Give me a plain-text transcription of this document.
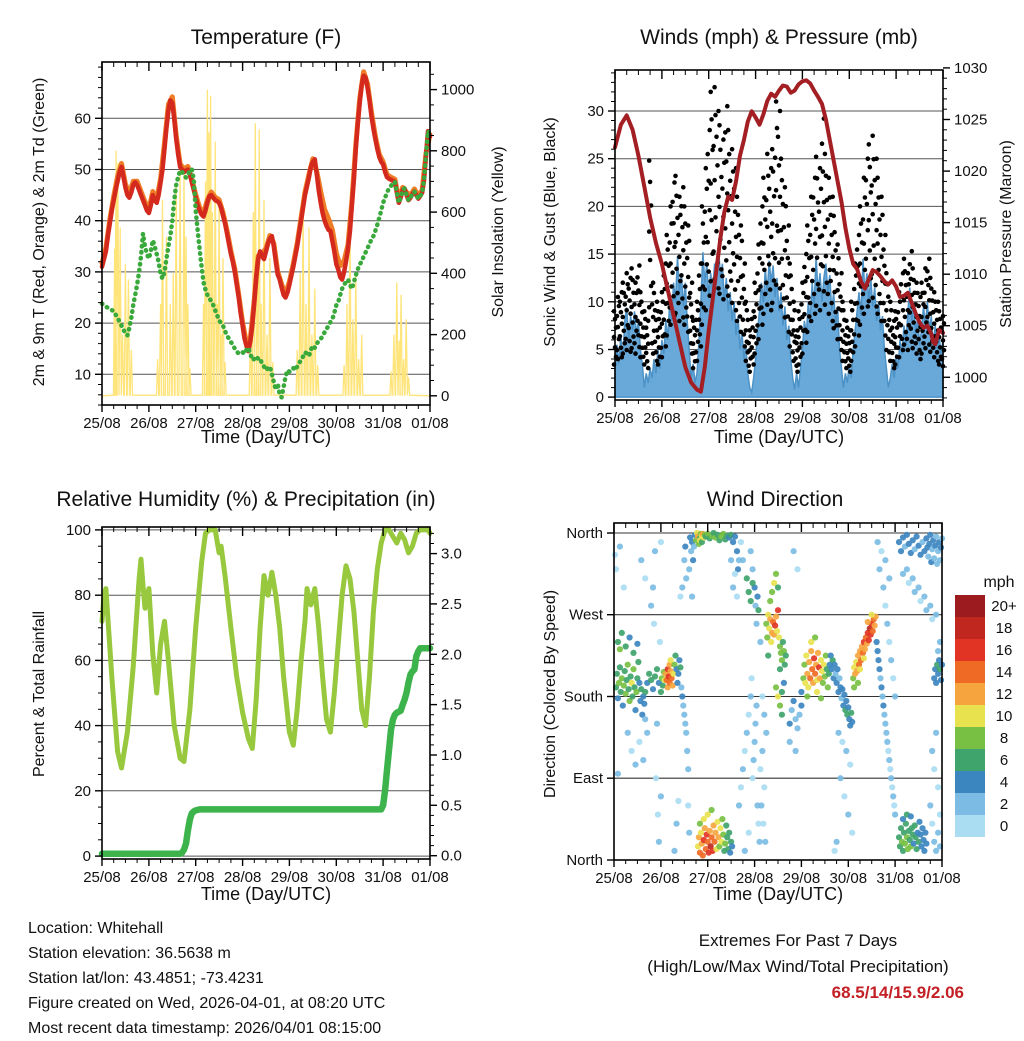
25/08 26/08 27/08 28/08 29/08 30/08 31/08 01/08
10
20
30
40
50
60
0
200
400
600
800
1000
25/08 26/08 27/08 28/08 29/08 30/08 31/08 01/08
0
5
10
15
20
25
30
1000
1005
1010
1015
1020
1025
1030
25/08 26/08 27/08 28/08 29/08 30/08 31/08 01/08
0
20
40
60
80
100
0.0
0.5
1.0
1.5
2.0
2.5
3.0
25/08 26/08 27/08 28/08 29/08 30/08 31/08 01/08
North
West
South
East
North
20+
18
16
14
12
10
8
6
4
2
0
mph
Temperature (F)	Winds (mph) & Pressure (mb)
Relative Humidity (%) & Precipitation (in)	Wind Direction
2m & 9m T (Red, Orange) & 2m Td (Green)	Solar Insolation (Yellow) Sonic Wind & Gust (Blue, Black)	Station Pressure (Maroon)
Percent & Total Rainfall	Direction (Colored By Speed)
Time (Day/UTC)	Time (Day/UTC)
Time (Day/UTC)	Time (Day/UTC)
Location: Whitehall
Station elevation: 36.5638 m
Station lat/lon: 43.4851; -73.4231
Figure created on Wed, 2026-04-01, at 08:20 UTC
Most recent data timestamp: 2026/04/01 08:15:00
Extremes For Past 7 Days
(High/Low/Max Wind/Total Precipitation)
68.5/14/15.9/2.06
